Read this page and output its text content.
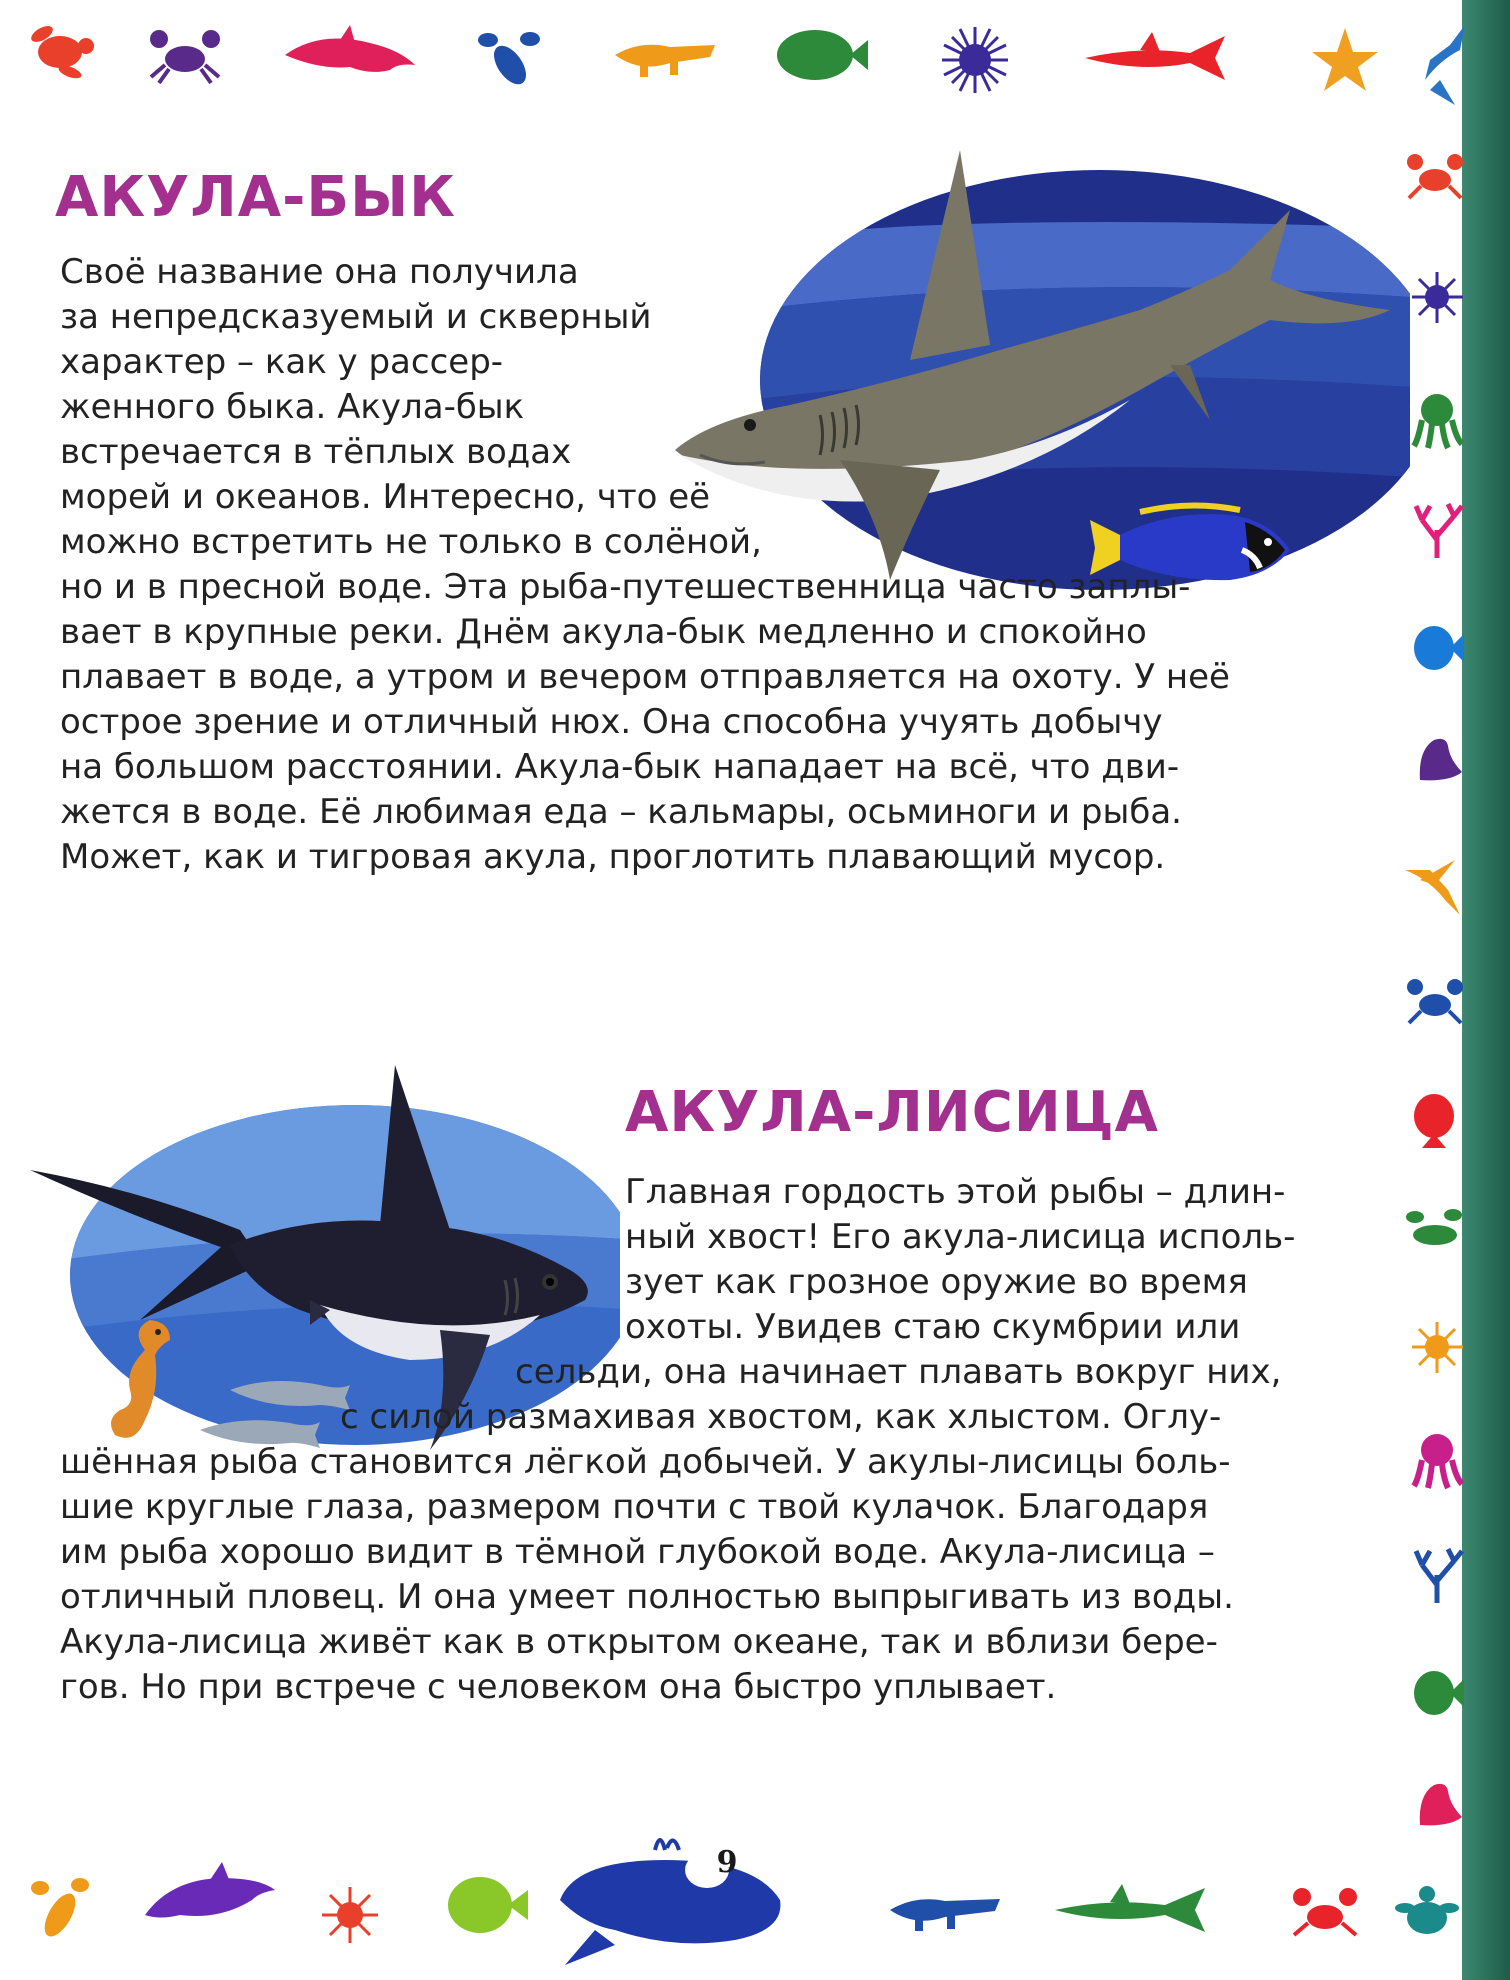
9
АКУЛА-БЫК
Своё название она получила
за непредсказуемый и скверный
характер – как у рассер-
женного быка. Акула-бык
встречается в тёплых водах
морей и океанов. Интересно, что её
можно встретить не только в солёной,
но и в пресной воде. Эта рыба-путешественница часто заплы-
вает в крупные реки. Днём акула-бык медленно и спокойно
плавает в воде, а утром и вечером отправляется на охоту. У неё
острое зрение и отличный нюх. Она способна учуять добычу
на большом расстоянии. Акула-бык нападает на всё, что дви-
жется в воде. Её любимая еда – кальмары, осьминоги и рыба.
Может, как и тигровая акула, проглотить плавающий мусор.
АКУЛА-ЛИСИЦА
Главная гордость этой рыбы – длин-
ный хвост! Его акула-лисица исполь-
зует как грозное оружие во время
охоты. Увидев стаю скумбрии или
сельди, она начинает плавать вокруг них,
с силой размахивая хвостом, как хлыстом. Оглу-
шённая рыба становится лёгкой добычей. У акулы-лисицы боль-
шие круглые глаза, размером почти с твой кулачок. Благодаря
им рыба хорошо видит в тёмной глубокой воде. Акула-лисица –
отличный пловец. И она умеет полностью выпрыгивать из воды.
Акула-лисица живёт как в открытом океане, так и вблизи бере-
гов. Но при встрече с человеком она быстро уплывает.
